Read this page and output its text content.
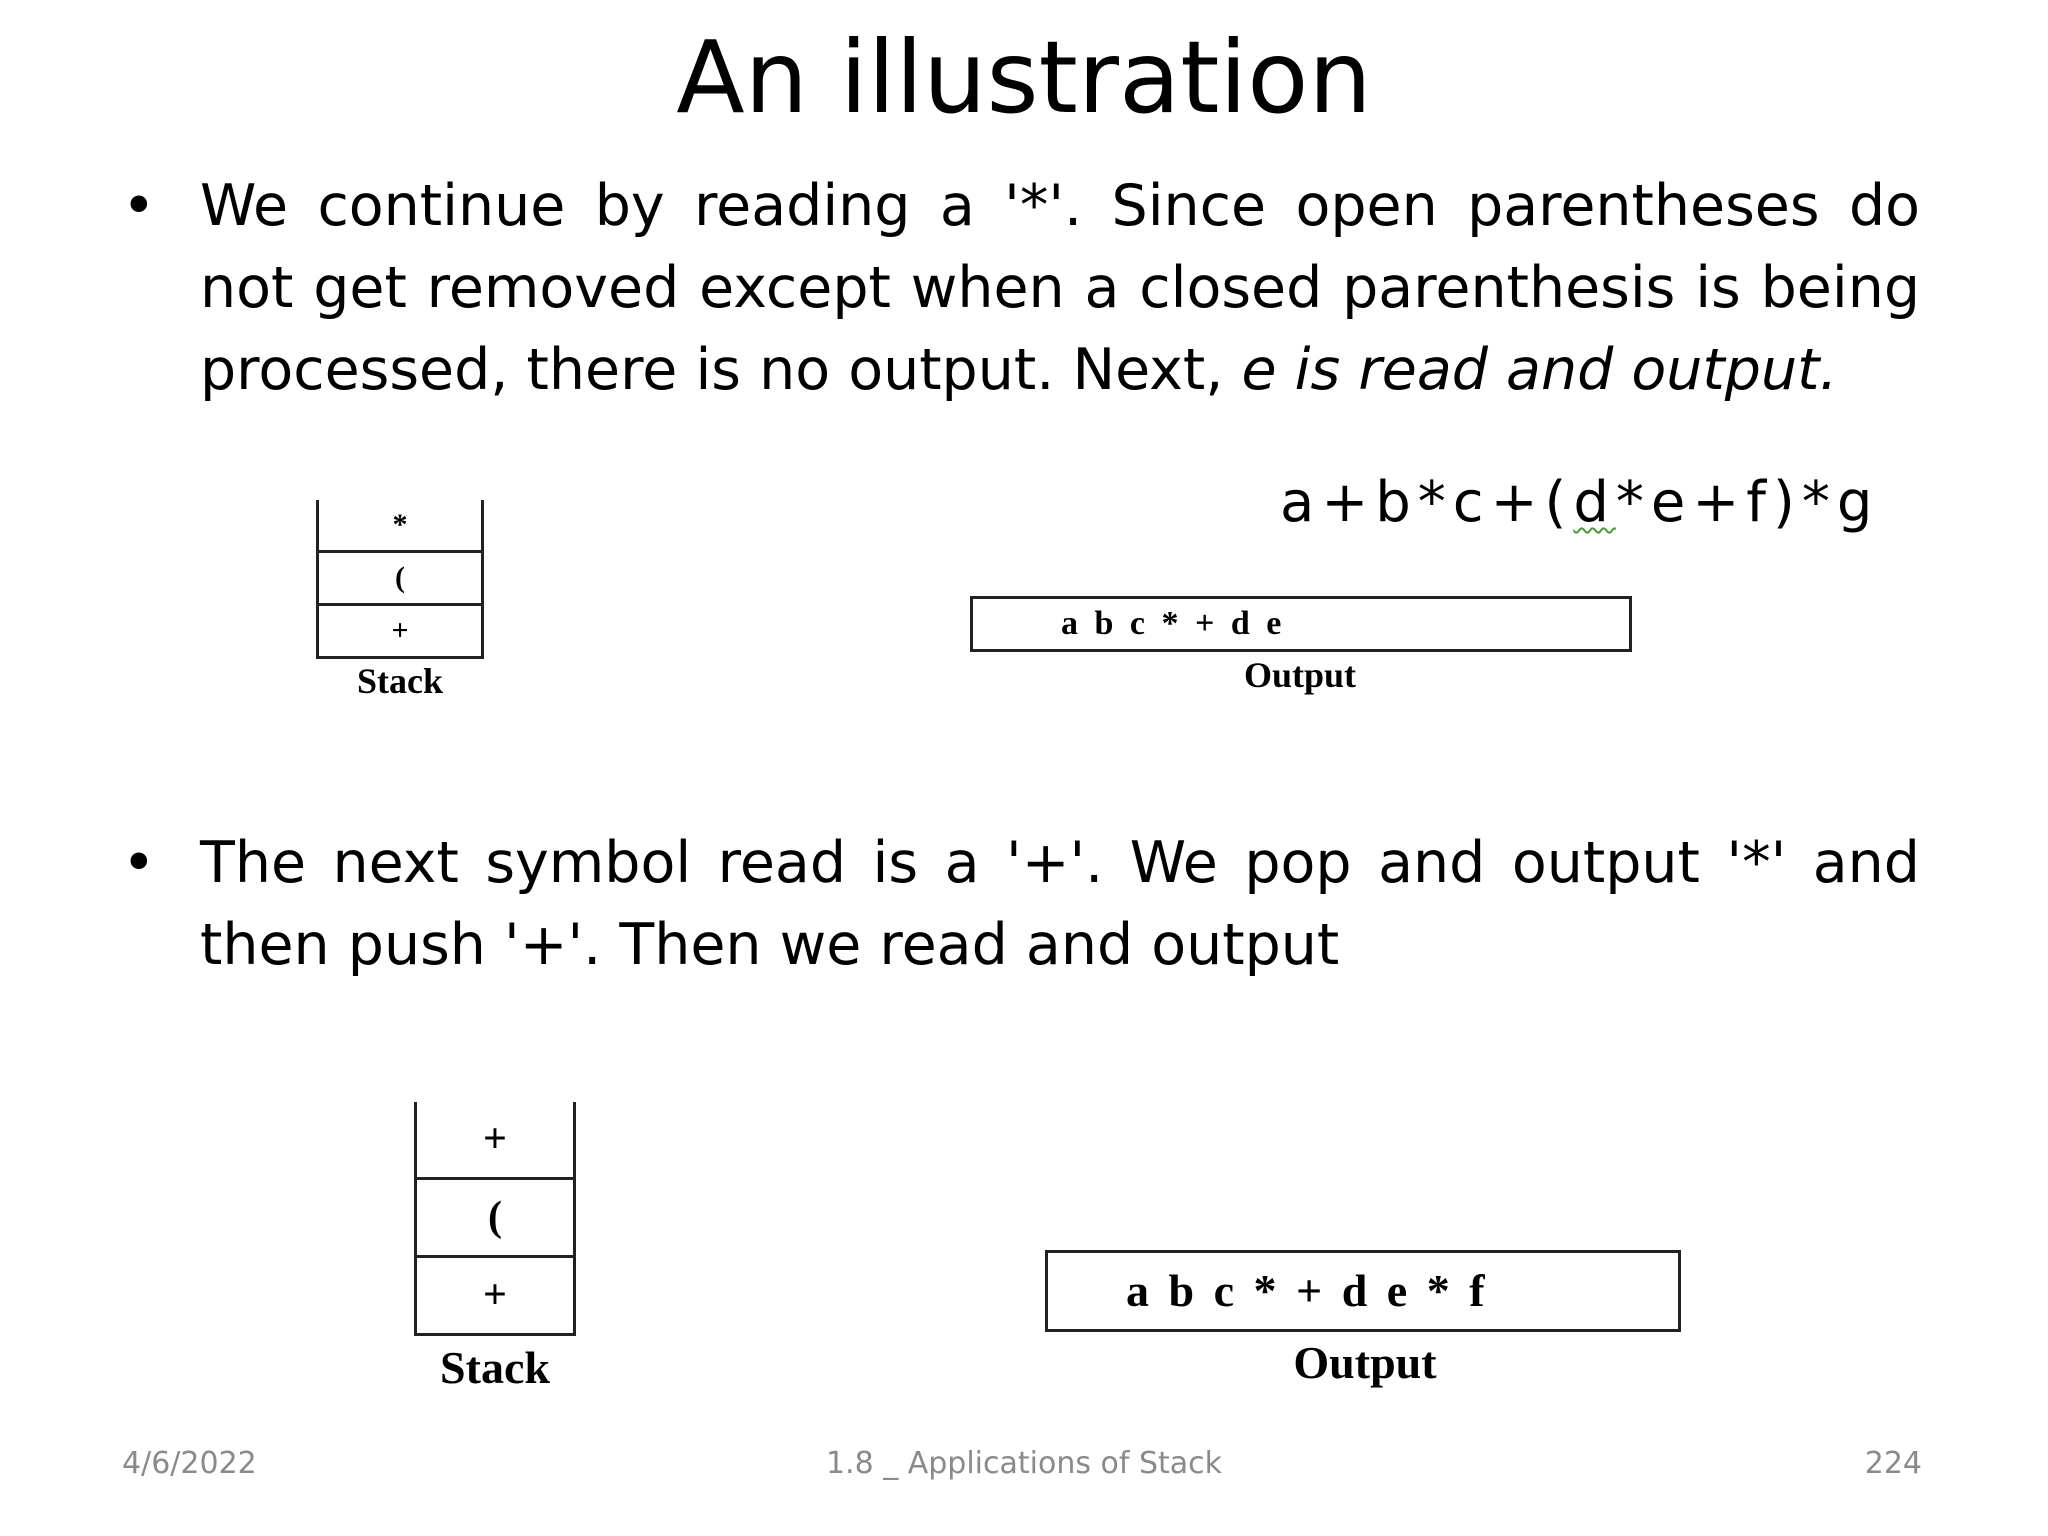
An illustration
• We continue by reading a '*'. Since open parentheses do not get removed except when a closed parenthesis is being processed, there is no output. Next, e is read and output.
*
(
+
Stack
a+b*c+(d*e+f)*g
a b c * + d e
Output
• The next symbol read is a '+'. We pop and output '*' and then push '+'. Then we read and output
+
(
+
Stack
a b c * + d e * f
Output
4/6/2022	1.8 _ Applications of Stack	224
